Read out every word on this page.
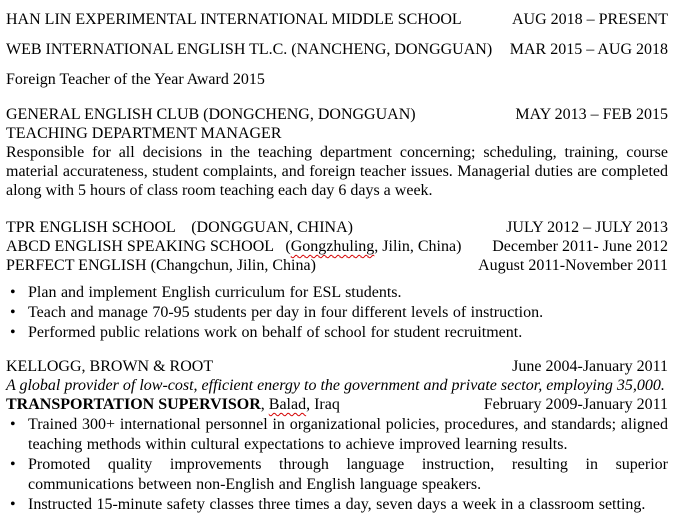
HAN LIN EXPERIMENTAL INTERNATIONAL MIDDLE SCHOOL	AUG 2018 – PRESENT
WEB INTERNATIONAL ENGLISH TL.C. (NANCHENG, DONGGUAN) MAR 2015 – AUG 2018
Foreign Teacher of the Year Award 2015
GENERAL ENGLISH CLUB (DONGCHENG, DONGGUAN)	MAY 2013 – FEB 2015
TEACHING DEPARTMENT MANAGER
Responsible for all decisions in the teaching department concerning; scheduling, training, course material accurateness, student complaints, and foreign teacher issues. Managerial duties are completed along with 5 hours of class room teaching each day 6 days a week.
TPR ENGLISH SCHOOL    (DONGGUAN, CHINA)	JULY 2012 – JULY 2013
ABCD ENGLISH SPEAKING SCHOOL   (Gongzhuling, Jilin, China) December 2011- June 2012
PERFECT ENGLISH (Changchun, Jilin, China)	August 2011-November 2011
• Plan and implement English curriculum for ESL students.
• Teach and manage 70-95 students per day in four different levels of instruction.
• Performed public relations work on behalf of school for student recruitment.
KELLOGG, BROWN & ROOT	June 2004-January 2011
A global provider of low-cost, efficient energy to the government and private sector, employing 35,000.
TRANSPORTATION SUPERVISOR, Balad, Iraq	February 2009-January 2011
• Trained 300+ international personnel in organizational policies, procedures, and standards; aligned teaching methods within cultural expectations to achieve improved learning results.
• Promoted quality improvements through language instruction, resulting in superior communications between non-English and English language speakers.
• Instructed 15-minute safety classes three times a day, seven days a week in a classroom setting.
